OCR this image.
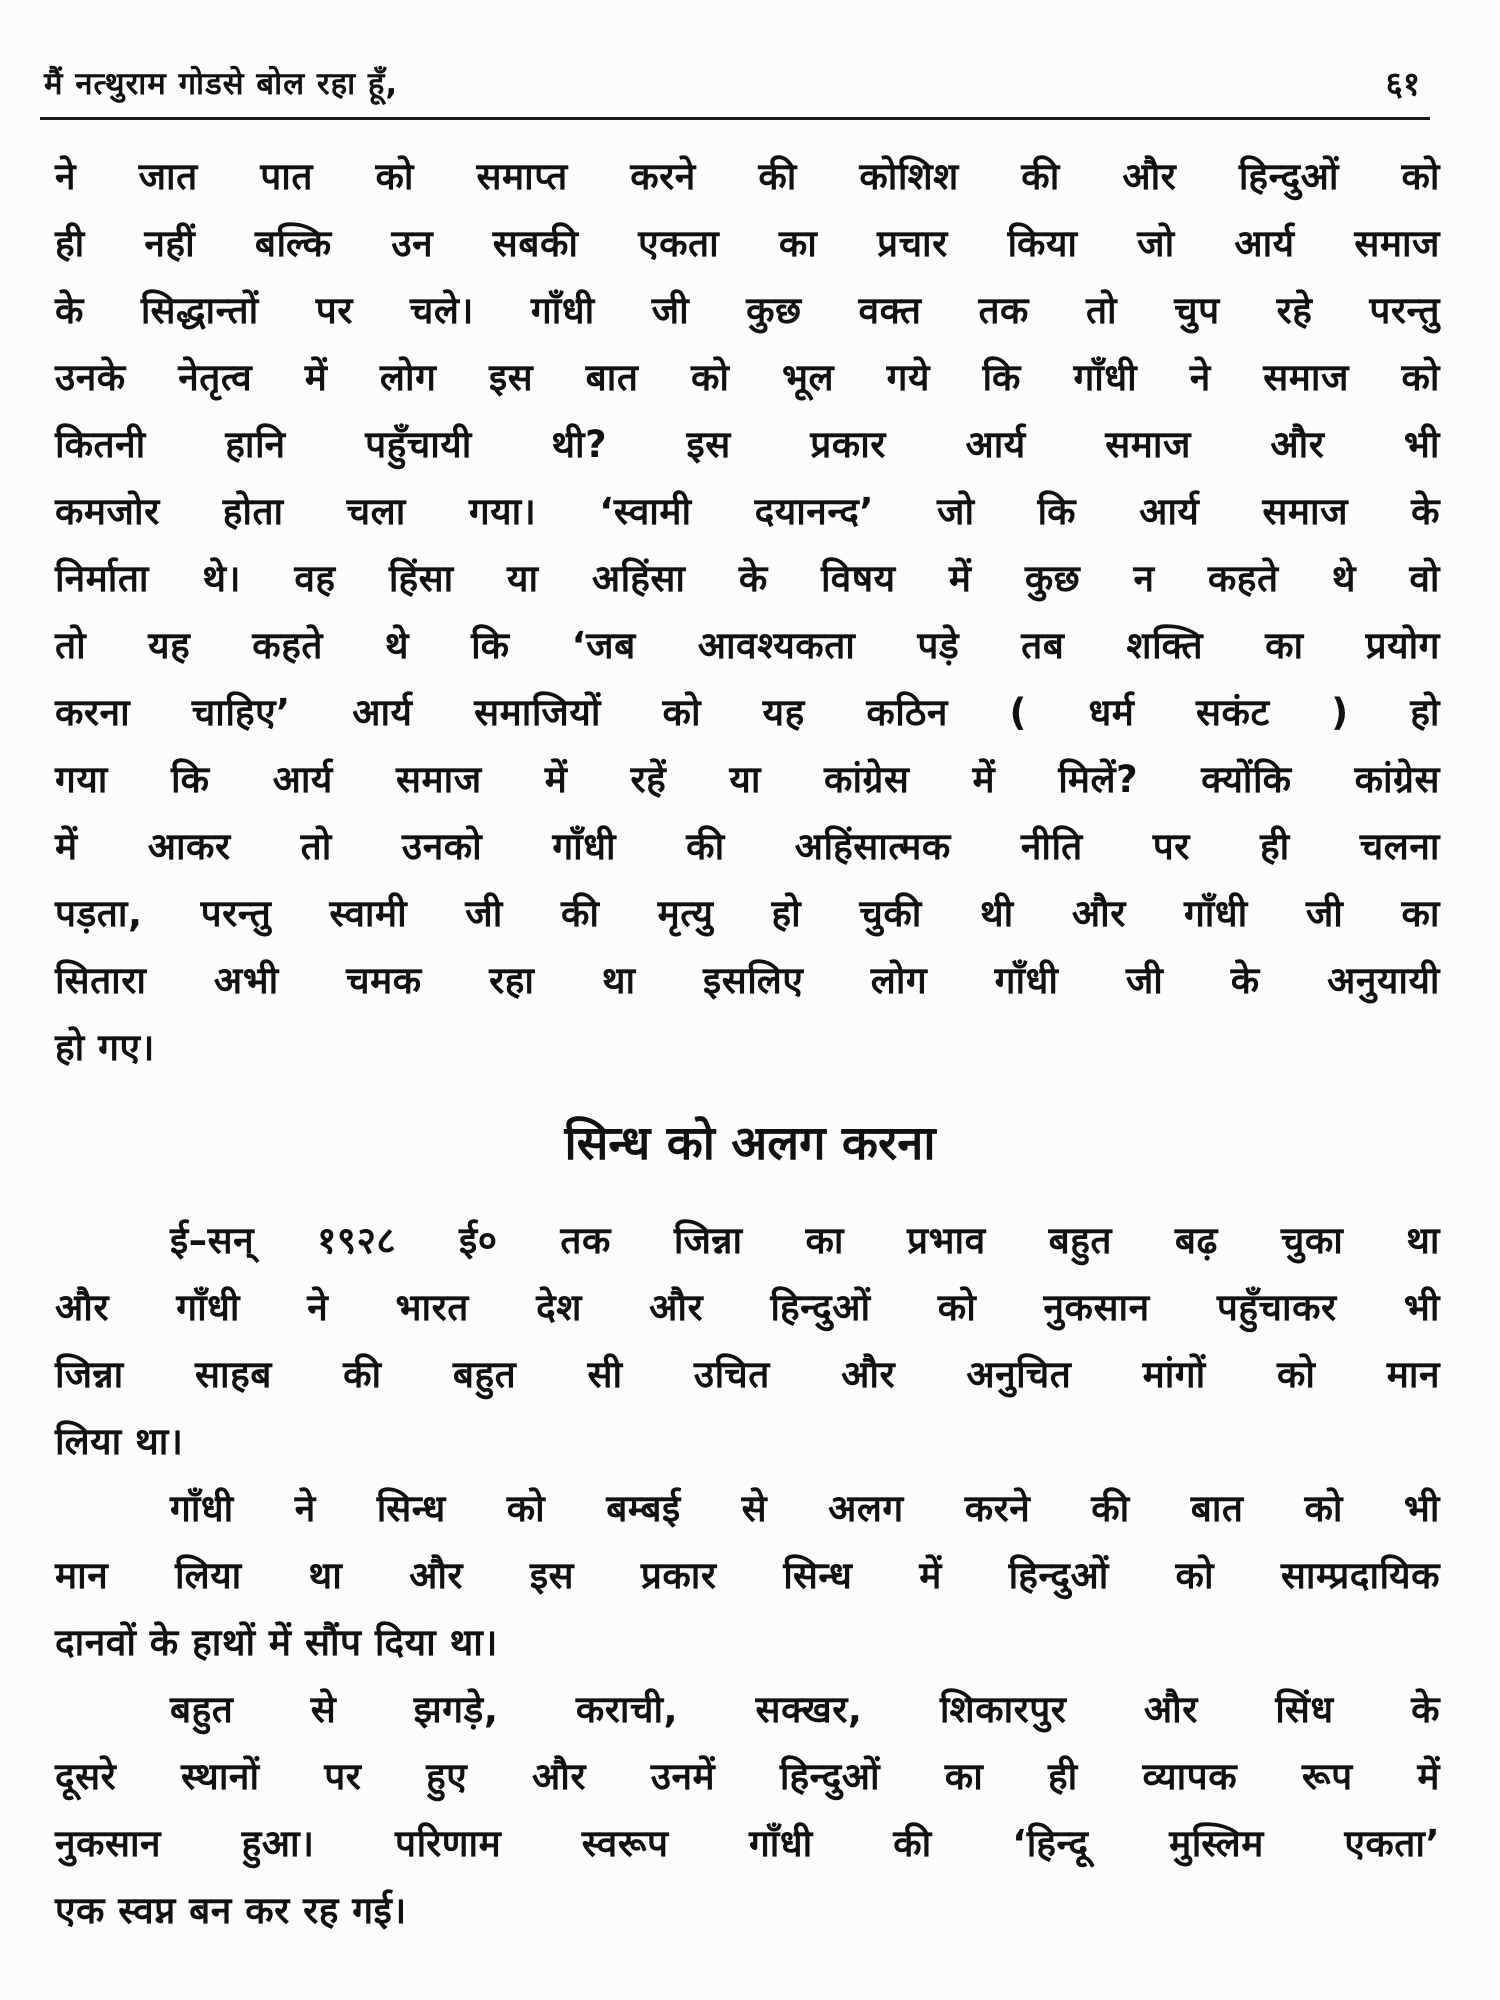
मैं नत्थुराम गोडसे बोल रहा हूँ,	६१
ने जात पात को समाप्त करने की कोशिश की और हिन्दुओं को
ही नहीं बल्कि उन सबकी एकता का प्रचार किया जो आर्य समाज
के सिद्धान्तों पर चले। गाँधी जी कुछ वक्त तक तो चुप रहे परन्तु
उनके नेतृत्व में लोग इस बात को भूल गये कि गाँधी ने समाज को
कितनी हानि पहुँचायी थी? इस प्रकार आर्य समाज और भी
कमजोर होता चला गया। ‘स्वामी दयानन्द’ जो कि आर्य समाज के
निर्माता थे। वह हिंसा या अहिंसा के विषय में कुछ न कहते थे वो
तो यह कहते थे कि ‘जब आवश्यकता पड़े तब शक्ति का प्रयोग
करना चाहिए’ आर्य समाजियों को यह कठिन ( धर्म सकंट ) हो
गया कि आर्य समाज में रहें या कांग्रेस में मिलें? क्योंकि कांग्रेस
में आकर तो उनको गाँधी की अहिंसात्मक नीति पर ही चलना
पड़ता, परन्तु स्वामी जी की मृत्यु हो चुकी थी और गाँधी जी का
सितारा अभी चमक रहा था इसलिए लोग गाँधी जी के अनुयायी
हो गए।
सिन्ध को अलग करना
ई–सन् १९२८ ई० तक जिन्ना का प्रभाव बहुत बढ़ चुका था
और गाँधी ने भारत देश और हिन्दुओं को नुकसान पहुँचाकर भी
जिन्ना साहब की बहुत सी उचित और अनुचित मांगों को मान
लिया था।
गाँधी ने सिन्ध को बम्बई से अलग करने की बात को भी
मान लिया था और इस प्रकार सिन्ध में हिन्दुओं को साम्प्रदायिक
दानवों के हाथों में सौंप दिया था।
बहुत से झगड़े, कराची, सक्खर, शिकारपुर और सिंध के
दूसरे स्थानों पर हुए और उनमें हिन्दुओं का ही व्यापक रूप में
नुकसान हुआ। परिणाम स्वरूप गाँधी की ‘हिन्दू मुस्लिम एकता’
एक स्वप्न बन कर रह गई।
